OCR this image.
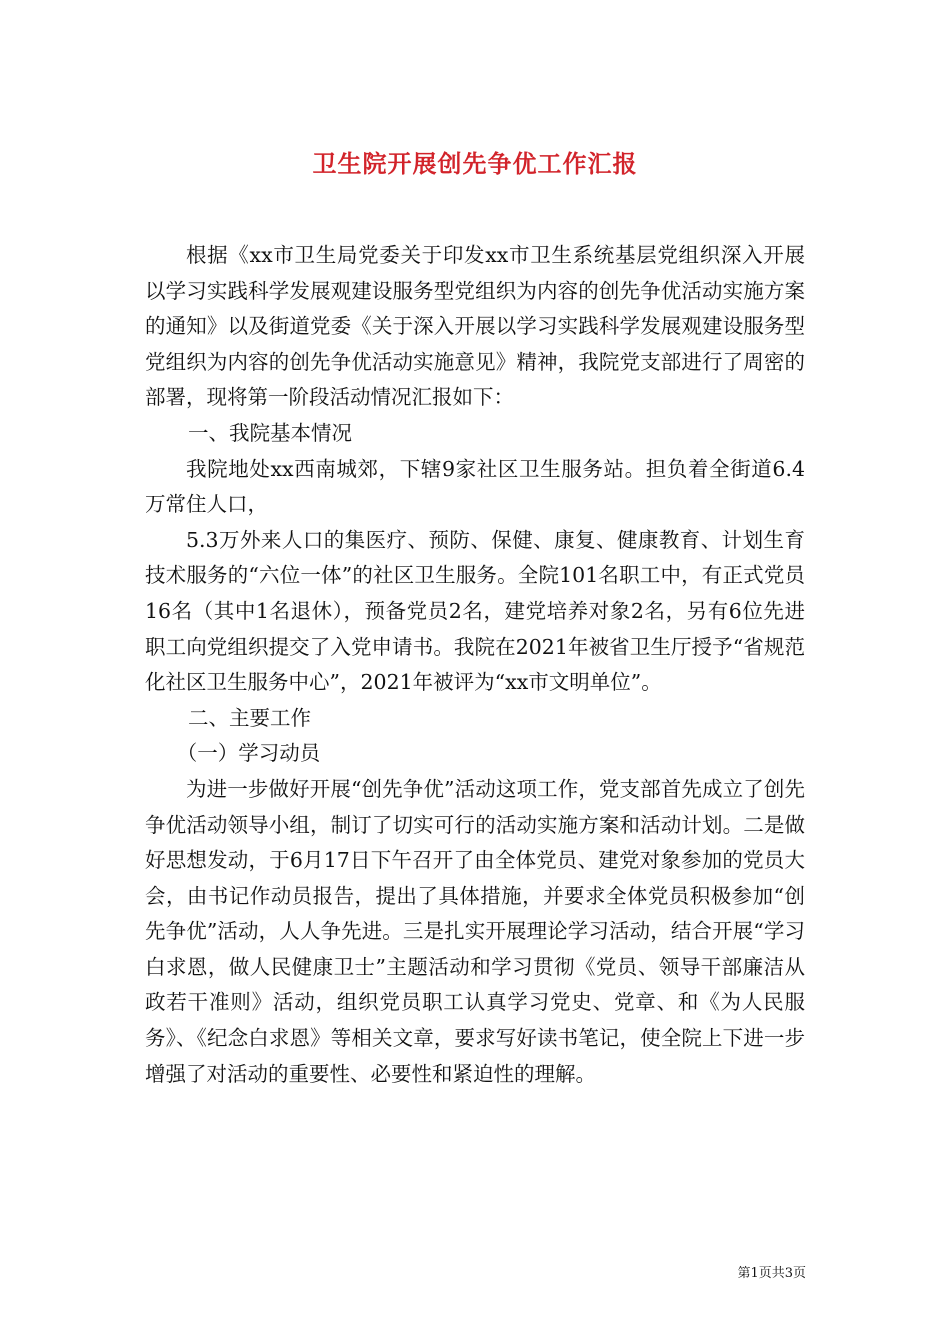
卫生院开展创先争优工作汇报

根据《xx市卫生局党委关于印发xx市卫生系统基层党组织深入开展以学习实践科学发展观建设服务型党组织为内容的创先争优活动实施方案的通知》以及街道党委《关于深入开展以学习实践科学发展观建设服务型党组织为内容的创先争优活动实施意见》精神，我院党支部进行了周密的部署，现将第一阶段活动情况汇报如下：

一、我院基本情况

我院地处xx西南城郊，下辖9家社区卫生服务站。担负着全街道6.4万常住人口，

5.3万外来人口的集医疗、预防、保健、康复、健康教育、计划生育技术服务的“六位一体”的社区卫生服务。全院101名职工中，有正式党员16名（其中1名退休），预备党员2名，建党培养对象2名，另有6位先进职工向党组织提交了入党申请书。我院在2021年被省卫生厅授予“省规范化社区卫生服务中心”，2021年被评为“xx市文明单位”。

二、主要工作

（一）学习动员

为进一步做好开展“创先争优”活动这项工作，党支部首先成立了创先争优活动领导小组，制订了切实可行的活动实施方案和活动计划。二是做好思想发动，于6月17日下午召开了由全体党员、建党对象参加的党员大会，由书记作动员报告，提出了具体措施，并要求全体党员积极参加“创先争优”活动，人人争先进。三是扎实开展理论学习活动，结合开展“学习白求恩，做人民健康卫士”主题活动和学习贯彻《党员、领导干部廉洁从政若干准则》活动，组织党员职工认真学习党史、党章、和《为人民服务》、《纪念白求恩》等相关文章，要求写好读书笔记，使全院上下进一步增强了对活动的重要性、必要性和紧迫性的理解。

第1页共3页
